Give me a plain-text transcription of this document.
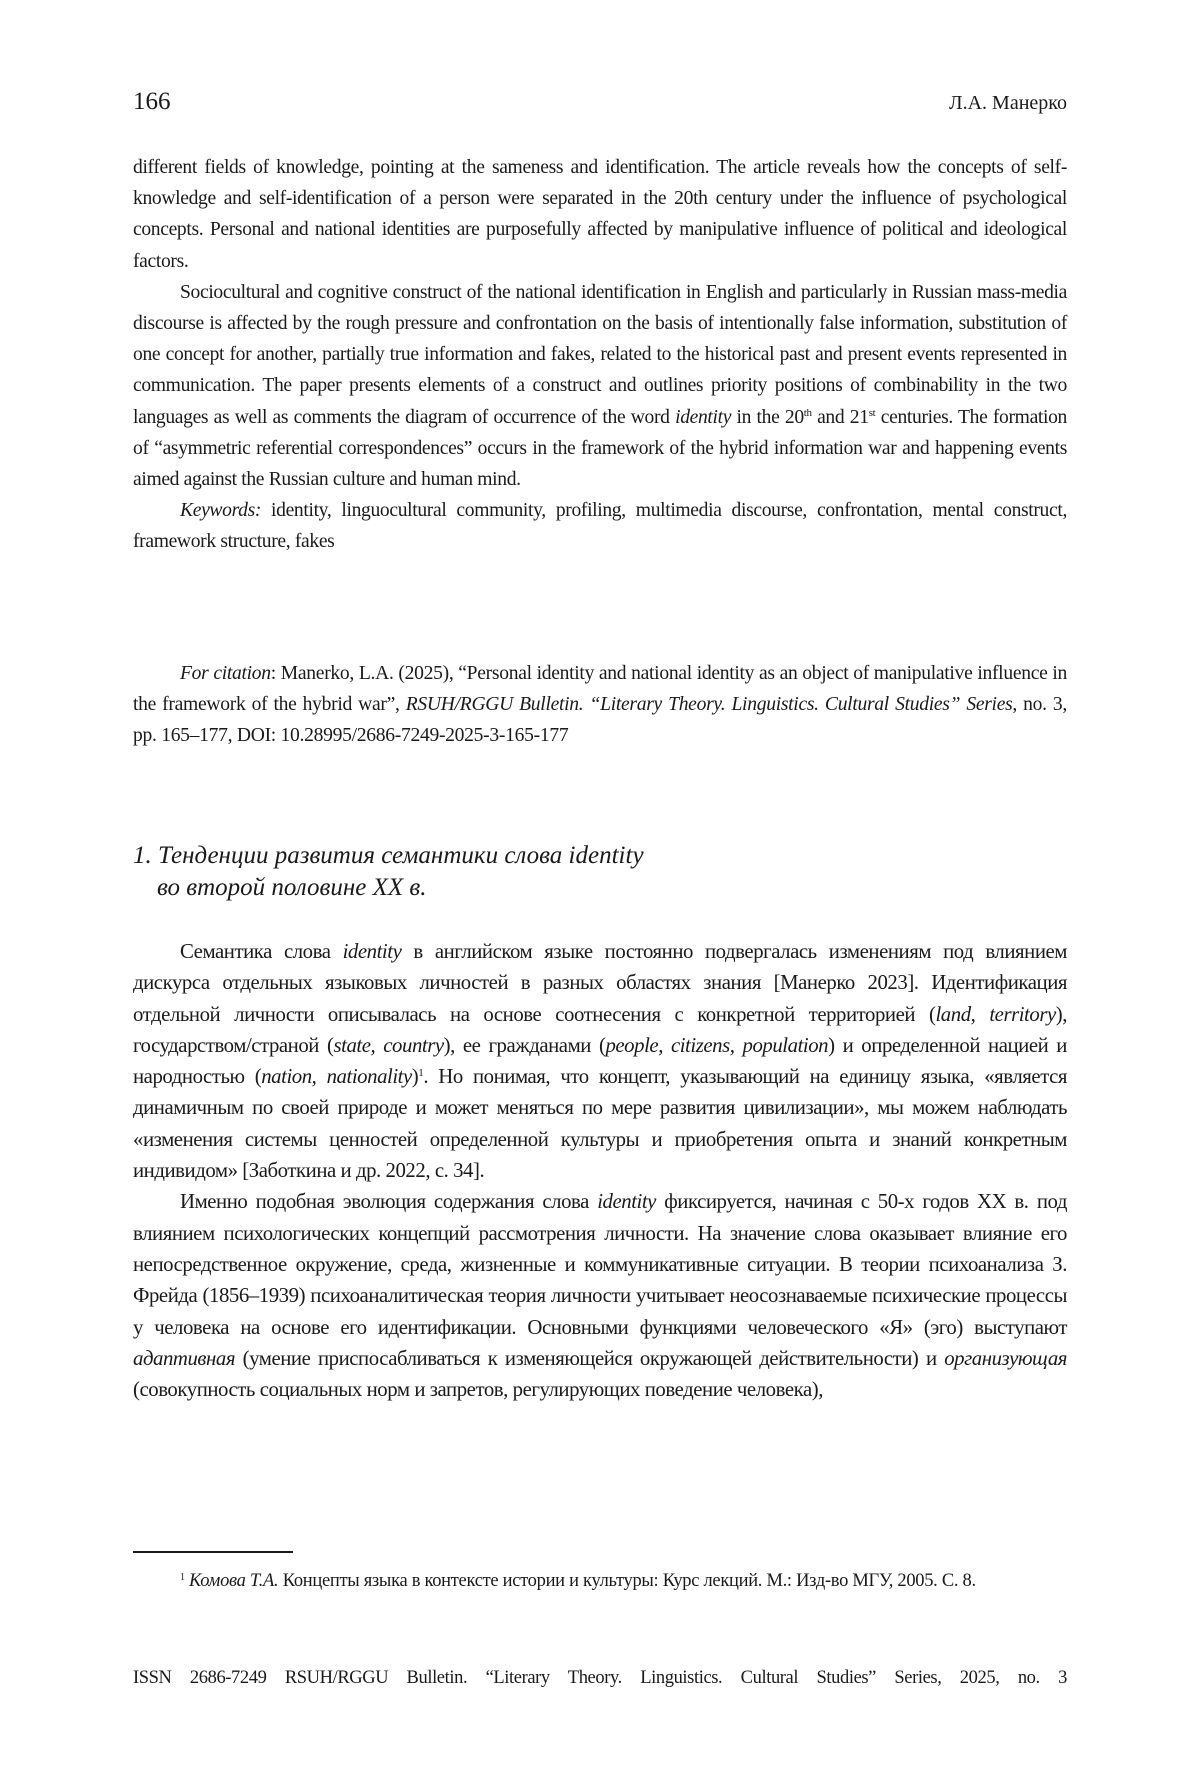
166	Л.А. Манерко

different fields of knowledge, pointing at the sameness and identification. The article reveals how the concepts of self-knowledge and self-identification of a person were separated in the 20th century under the influence of psychological concepts. Personal and national identities are purposefully affected by manipulative influence of political and ideological factors.

Sociocultural and cognitive construct of the national identification in English and particularly in Russian mass-media discourse is affected by the rough pressure and confrontation on the basis of intentionally false information, substitution of one concept for another, partially true information and fakes, related to the historical past and present events represented in communication. The paper presents elements of a construct and outlines priority positions of combinability in the two languages as well as comments the diagram of occurrence of the word identity in the 20th and 21st centuries. The formation of “asymmetric referential correspondences” occurs in the framework of the hybrid information war and happening events aimed against the Russian culture and human mind.

Keywords: identity, linguocultural community, profiling, multimedia discourse, confrontation, mental construct, framework structure, fakes

For citation: Manerko, L.A. (2025), “Personal identity and national identity as an object of manipulative influence in the framework of the hybrid war”, RSUH/RGGU Bulletin. “Literary Theory. Linguistics. Cultural Studies” Series, no. 3, pp. 165–177, DOI: 10.28995/2686-7249-2025-3-165-177

1. Тенденции развития семантики слова identity
во второй половине XX в.

Семантика слова identity в английском языке постоянно подвергалась изменениям под влиянием дискурса отдельных языковых личностей в разных областях знания [Манерко 2023]. Идентификация отдельной личности описывалась на основе соотнесения с конкретной территорией (land, territory), государством/страной (state, country), ее гражданами (people, citizens, population) и определенной нацией и народностью (nation, nationality)$^1$. Но понимая, что концепт, указывающий на единицу языка, «является динамичным по своей природе и может меняться по мере развития цивилизации», мы можем наблюдать «изменения системы ценностей определенной культуры и приобретения опыта и знаний конкретным индивидом» [Заботкина и др. 2022, с. 34].

Именно подобная эволюция содержания слова identity фиксируется, начиная с 50-х годов XX в. под влиянием психологических концепций рассмотрения личности. На значение слова оказывает влияние его непосредственное окружение, среда, жизненные и коммуникативные ситуации. В теории психоанализа З. Фрейда (1856–1939) психоаналитическая теория личности учитывает неосознаваемые психические процессы у человека на основе его идентификации. Основными функциями человеческого «Я» (эго) выступают адаптивная (умение приспосабливаться к изменяющейся окружающей действительности) и организующая (совокупность социальных норм и запретов, регулирующих поведение человека),

$^1$ Комова Т.А. Концепты языка в контексте истории и культуры: Курс лекций. М.: Изд-во МГУ, 2005. С. 8.

ISSN 2686-7249 RSUH/RGGU Bulletin. “Literary Theory. Linguistics. Cultural Studies” Series, 2025, no. 3
